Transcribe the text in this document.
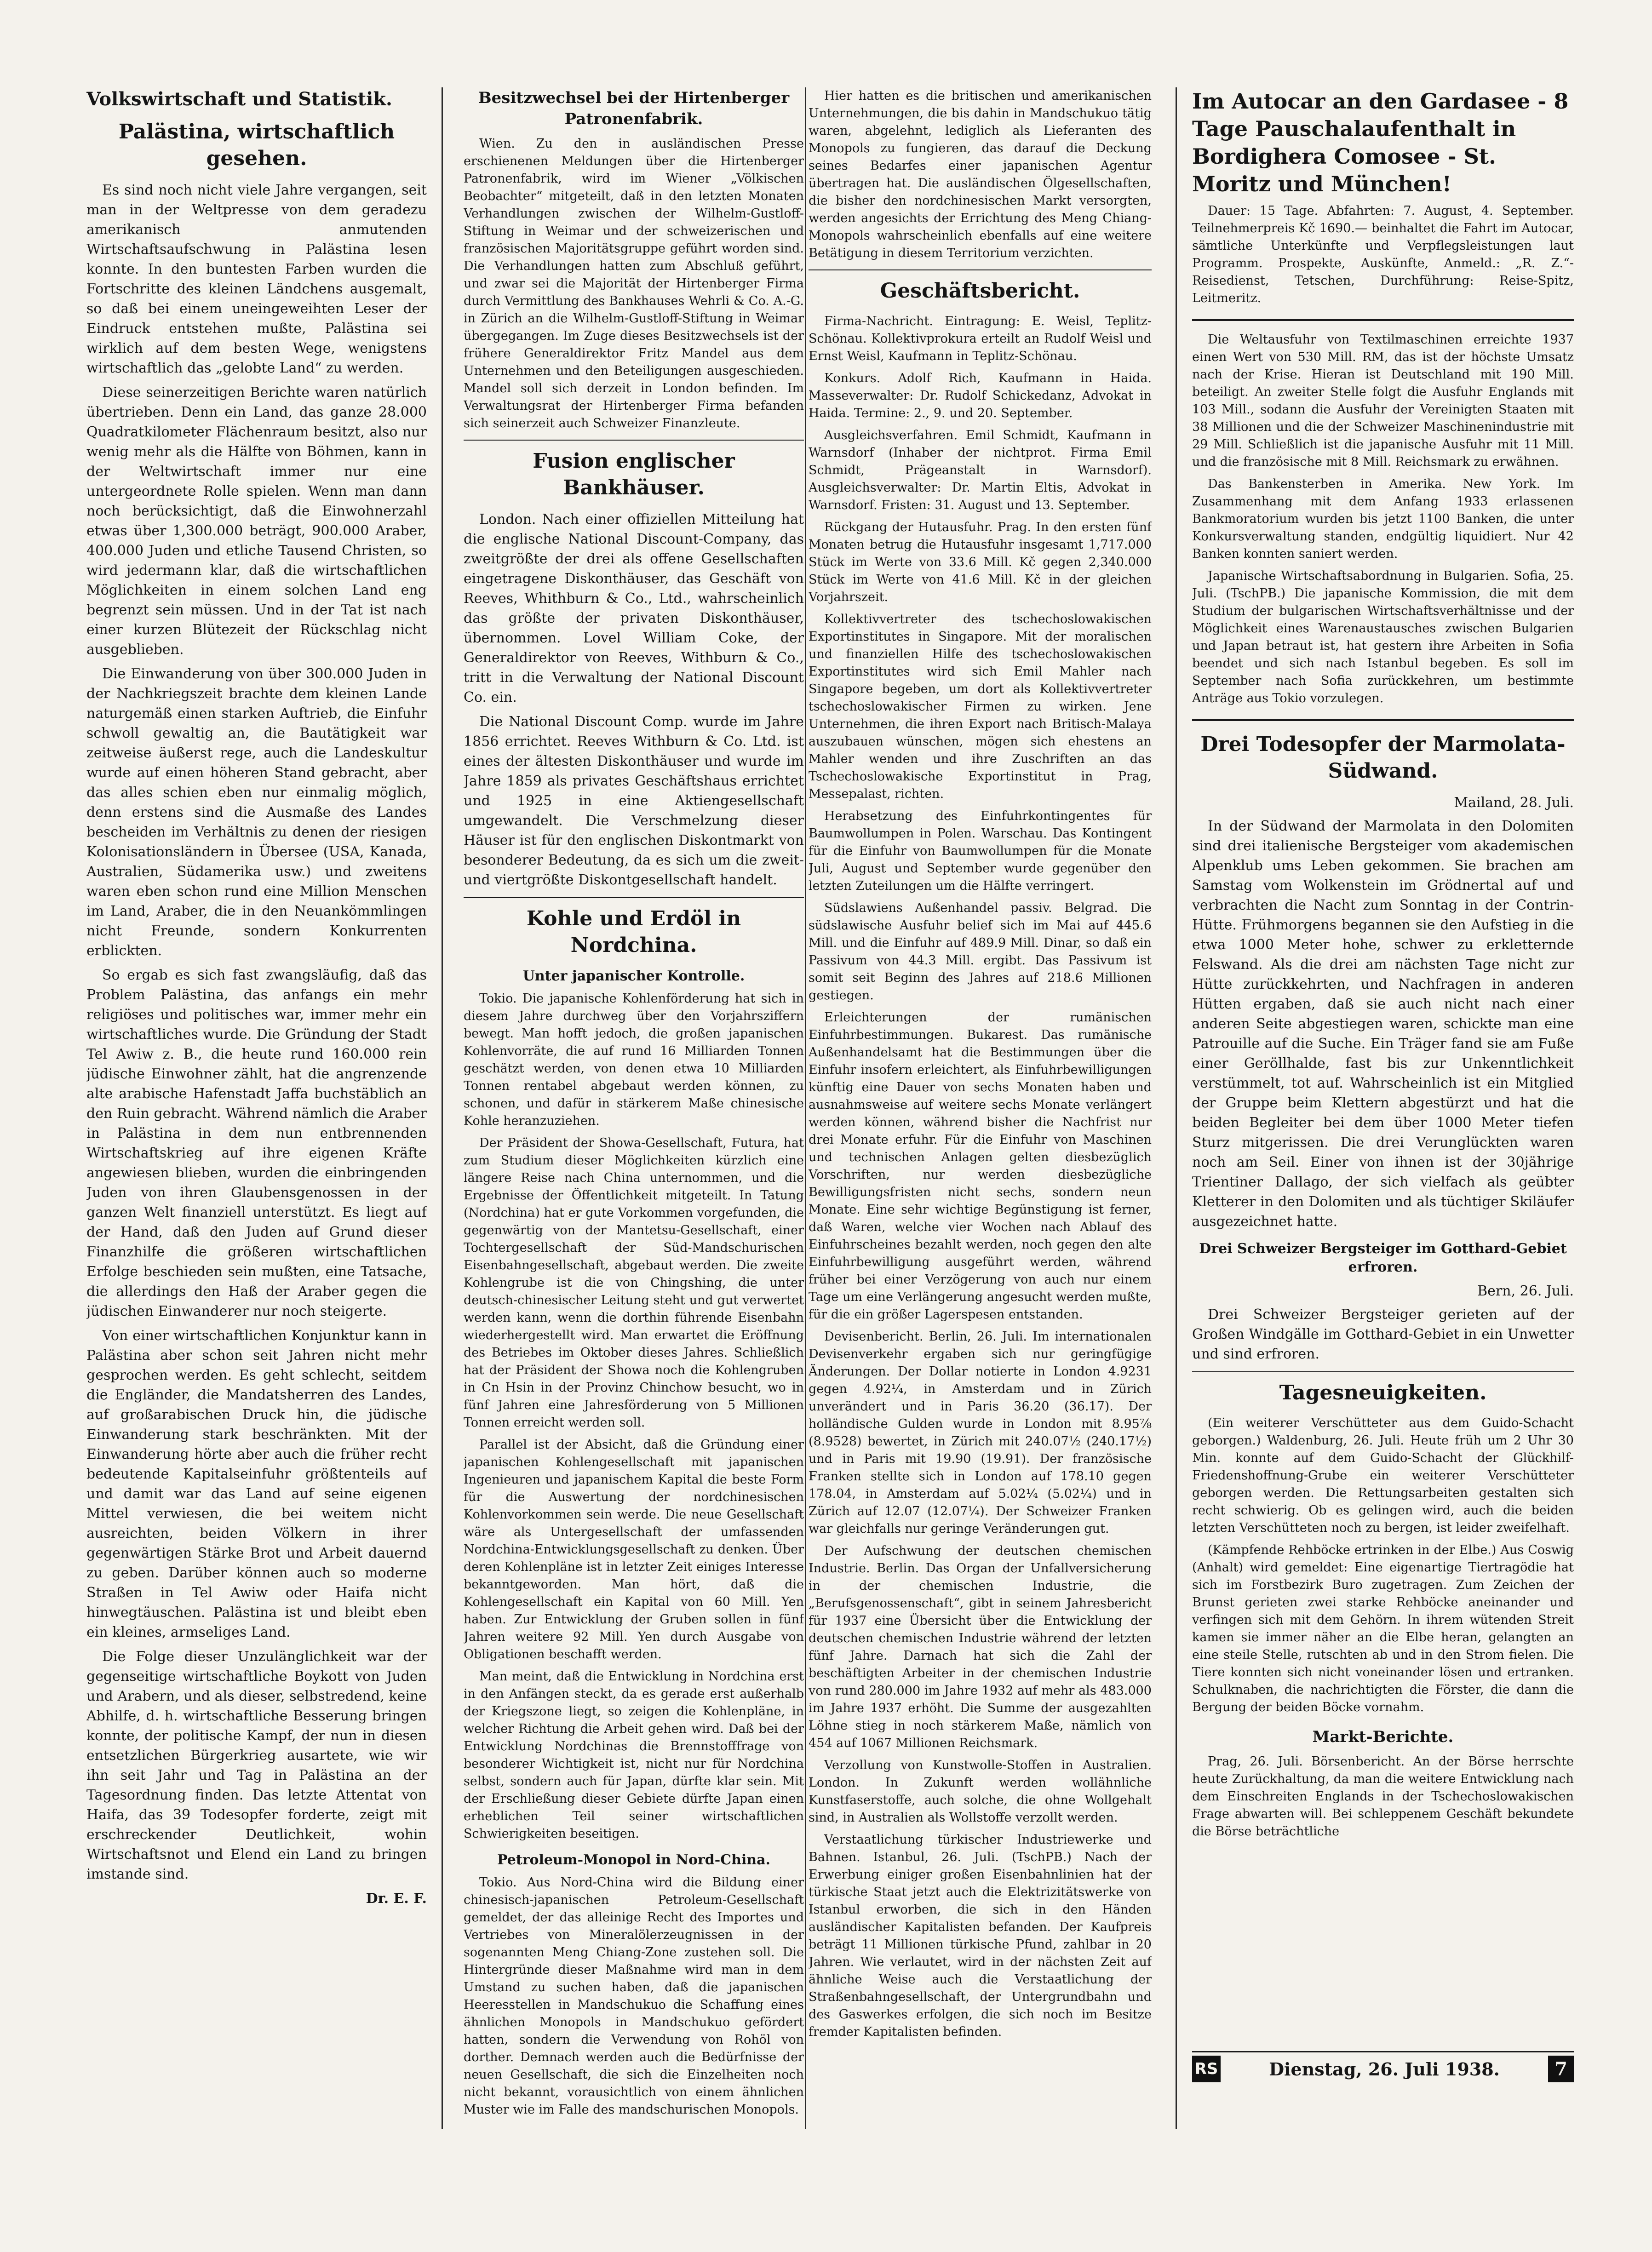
Volkswirtschaft und Statistik.
Palästina, wirtschaftlich gesehen.

Es sind noch nicht viele Jahre vergangen, seit man in der Weltpresse von dem geradezu amerikanisch anmutenden Wirtschaftsaufschwung in Palästina lesen konnte. In den buntesten Farben wurden die Fortschritte des kleinen Ländchens ausgemalt, so daß bei einem uneingeweihten Leser der Eindruck entstehen mußte, Palästina sei wirklich auf dem besten Wege, wenigstens wirtschaftlich das „gelobte Land“ zu werden.

Diese seinerzeitigen Berichte waren natürlich übertrieben. Denn ein Land, das ganze 28.000 Quadratkilometer Flächenraum besitzt, also nur wenig mehr als die Hälfte von Böhmen, kann in der Weltwirtschaft immer nur eine untergeordnete Rolle spielen. Wenn man dann noch berücksichtigt, daß die Einwohnerzahl etwas über 1,300.000 beträgt, 900.000 Araber, 400.000 Juden und etliche Tausend Christen, so wird jedermann klar, daß die wirtschaftlichen Möglichkeiten in einem solchen Land eng begrenzt sein müssen. Und in der Tat ist nach einer kurzen Blütezeit der Rückschlag nicht ausgeblieben.

Die Einwanderung von über 300.000 Juden in der Nachkriegszeit brachte dem kleinen Lande naturgemäß einen starken Auftrieb, die Einfuhr schwoll gewaltig an, die Bautätigkeit war zeitweise äußerst rege, auch die Landeskultur wurde auf einen höheren Stand gebracht, aber das alles schien eben nur einmalig möglich, denn erstens sind die Ausmaße des Landes bescheiden im Verhältnis zu denen der riesigen Kolonisationsländern in Übersee (USA, Kanada, Australien, Südamerika usw.) und zweitens waren eben schon rund eine Million Menschen im Land, Araber, die in den Neuankömmlingen nicht Freunde, sondern Konkurrenten erblickten.

So ergab es sich fast zwangsläufig, daß das Problem Palästina, das anfangs ein mehr religiöses und politisches war, immer mehr ein wirtschaftliches wurde. Die Gründung der Stadt Tel Awiw z. B., die heute rund 160.000 rein jüdische Einwohner zählt, hat die angrenzende alte arabische Hafenstadt Jaffa buchstäblich an den Ruin gebracht. Während nämlich die Araber in Palästina in dem nun entbrennenden Wirtschaftskrieg auf ihre eigenen Kräfte angewiesen blieben, wurden die einbringenden Juden von ihren Glaubensgenossen in der ganzen Welt finanziell unterstützt. Es liegt auf der Hand, daß den Juden auf Grund dieser Finanzhilfe die größeren wirtschaftlichen Erfolge beschieden sein mußten, eine Tatsache, die allerdings den Haß der Araber gegen die jüdischen Einwanderer nur noch steigerte.

Von einer wirtschaftlichen Konjunktur kann in Palästina aber schon seit Jahren nicht mehr gesprochen werden. Es geht schlecht, seitdem die Engländer, die Mandatsherren des Landes, auf großarabischen Druck hin, die jüdische Einwanderung stark beschränkten. Mit der Einwanderung hörte aber auch die früher recht bedeutende Kapitalseinfuhr größtenteils auf und damit war das Land auf seine eigenen Mittel verwiesen, die bei weitem nicht ausreichten, beiden Völkern in ihrer gegenwärtigen Stärke Brot und Arbeit dauernd zu geben. Darüber können auch so moderne Straßen in Tel Awiw oder Haifa nicht hinwegtäuschen. Palästina ist und bleibt eben ein kleines, armseliges Land.

Die Folge dieser Unzulänglichkeit war der gegenseitige wirtschaftliche Boykott von Juden und Arabern, und als dieser, selbstredend, keine Abhilfe, d. h. wirtschaftliche Besserung bringen konnte, der politische Kampf, der nun in diesen entsetzlichen Bürgerkrieg ausartete, wie wir ihn seit Jahr und Tag in Palästina an der Tagesordnung finden. Das letzte Attentat von Haifa, das 39 Todesopfer forderte, zeigt mit erschreckender Deutlichkeit, wohin Wirtschaftsnot und Elend ein Land zu bringen imstande sind.

Dr. E. F.
Besitzwechsel bei der Hirtenberger Patronenfabrik.

Wien. Zu den in ausländischen Presse erschienenen Meldungen über die Hirtenberger Patronenfabrik, wird im Wiener „Völkischen Beobachter“ mitgeteilt, daß in den letzten Monaten Verhandlungen zwischen der Wilhelm-Gustloff-Stiftung in Weimar und der schweizerischen und französischen Majoritätsgruppe geführt worden sind. Die Verhandlungen hatten zum Abschluß geführt, und zwar sei die Majorität der Hirtenberger Firma durch Vermittlung des Bankhauses Wehrli & Co. A.-G. in Zürich an die Wilhelm-Gustloff-Stiftung in Weimar übergegangen. Im Zuge dieses Besitzwechsels ist der frühere Generaldirektor Fritz Mandel aus dem Unternehmen und den Beteiligungen ausgeschieden. Mandel soll sich derzeit in London befinden. Im Verwaltungsrat der Hirtenberger Firma befanden sich seinerzeit auch Schweizer Finanzleute.

Fusion englischer Bankhäuser.

London. Nach einer offiziellen Mitteilung hat die englische National Discount-Company, das zweitgrößte der drei als offene Gesellschaften eingetragene Diskonthäuser, das Geschäft von Reeves, Whithburn & Co., Ltd., wahrscheinlich das größte der privaten Diskonthäuser, übernommen. Lovel William Coke, der Generaldirektor von Reeves, Withburn & Co., tritt in die Verwaltung der National Discount Co. ein.

Die National Discount Comp. wurde im Jahre 1856 errichtet. Reeves Withburn & Co. Ltd. ist eines der ältesten Diskonthäuser und wurde im Jahre 1859 als privates Geschäftshaus errichtet und 1925 in eine Aktiengesellschaft umgewandelt. Die Verschmelzung dieser Häuser ist für den englischen Diskontmarkt von besonderer Bedeutung, da es sich um die zweit- und viertgrößte Diskontgesellschaft handelt.

Kohle und Erdöl in Nordchina.
Unter japanischer Kontrolle.

Tokio. Die japanische Kohlenförderung hat sich in diesem Jahre durchweg über den Vorjahrsziffern bewegt. Man hofft jedoch, die großen japanischen Kohlenvorräte, die auf rund 16 Milliarden Tonnen geschätzt werden, von denen etwa 10 Milliarden Tonnen rentabel abgebaut werden können, zu schonen, und dafür in stärkerem Maße chinesische Kohle heranzuziehen.

Der Präsident der Showa-Gesellschaft, Futura, hat zum Studium dieser Möglichkeiten kürzlich eine längere Reise nach China unternommen, und die Ergebnisse der Öffentlichkeit mitgeteilt. In Tatung (Nordchina) hat er gute Vorkommen vorgefunden, die gegenwärtig von der Mantetsu-Gesellschaft, einer Tochtergesellschaft der Süd-Mandschurischen Eisenbahngesellschaft, abgebaut werden. Die zweite Kohlengrube ist die von Chingshing, die unter deutsch-chinesischer Leitung steht und gut verwertet werden kann, wenn die dorthin führende Eisenbahn wiederhergestellt wird. Man erwartet die Eröffnung des Betriebes im Oktober dieses Jahres. Schließlich hat der Präsident der Showa noch die Kohlengruben in Cn Hsin in der Provinz Chinchow besucht, wo in fünf Jahren eine Jahresförderung von 5 Millionen Tonnen erreicht werden soll.

Parallel ist der Absicht, daß die Gründung einer japanischen Kohlengesellschaft mit japanischen Ingenieuren und japanischem Kapital die beste Form für die Auswertung der nordchinesischen Kohlenvorkommen sein werde. Die neue Gesellschaft wäre als Untergesellschaft der umfassenden Nordchina-Entwicklungsgesellschaft zu denken. Über deren Kohlenpläne ist in letzter Zeit einiges Interesse bekanntgeworden. Man hört, daß die Kohlengesellschaft ein Kapital von 60 Mill. Yen haben. Zur Entwicklung der Gruben sollen in fünf Jahren weitere 92 Mill. Yen durch Ausgabe von Obligationen beschafft werden.

Man meint, daß die Entwicklung in Nordchina erst in den Anfängen steckt, da es gerade erst außerhalb der Kriegszone liegt, so zeigen die Kohlenpläne, in welcher Richtung die Arbeit gehen wird. Daß bei der Entwicklung Nordchinas die Brennstofffrage von besonderer Wichtigkeit ist, nicht nur für Nordchina selbst, sondern auch für Japan, dürfte klar sein. Mit der Erschließung dieser Gebiete dürfte Japan einen erheblichen Teil seiner wirtschaftlichen Schwierigkeiten beseitigen.

Petroleum-Monopol in Nord-China.

Tokio. Aus Nord-China wird die Bildung einer chinesisch-japanischen Petroleum-Gesellschaft gemeldet, der das alleinige Recht des Importes und Vertriebes von Mineralölerzeugnissen in der sogenannten Meng Chiang-Zone zustehen soll. Die Hintergründe dieser Maßnahme wird man in dem Umstand zu suchen haben, daß die japanischen Heeresstellen in Mandschukuo die Schaffung eines ähnlichen Monopols in Mandschukuo gefördert hatten, sondern die Verwendung von Rohöl von dorther. Demnach werden auch die Bedürfnisse der neuen Gesellschaft, die sich die Einzelheiten noch nicht bekannt, vorausichtlich von einem ähnlichen Muster wie im Falle des mandschurischen Monopols.

Hier hatten es die britischen und amerikanischen Unternehmungen, die bis dahin in Mandschukuo tätig waren, abgelehnt, lediglich als Lieferanten des Monopols zu fungieren, das darauf die Deckung seines Bedarfes einer japanischen Agentur übertragen hat. Die ausländischen Ölgesellschaften, die bisher den nordchinesischen Markt versorgten, werden angesichts der Errichtung des Meng Chiang-Monopols wahrscheinlich ebenfalls auf eine weitere Betätigung in diesem Territorium verzichten.

Geschäftsbericht.

Firma-Nachricht. Eintragung: E. Weisl, Teplitz-Schönau. Kollektivprokura erteilt an Rudolf Weisl und Ernst Weisl, Kaufmann in Teplitz-Schönau.

Konkurs. Adolf Rich, Kaufmann in Haida. Masseverwalter: Dr. Rudolf Schickedanz, Advokat in Haida. Termine: 2., 9. und 20. September.

Ausgleichsverfahren. Emil Schmidt, Kaufmann in Warnsdorf (Inhaber der nichtprot. Firma Emil Schmidt, Prägeanstalt in Warnsdorf). Ausgleichsverwalter: Dr. Martin Eltis, Advokat in Warnsdorf. Fristen: 31. August und 13. September.

Rückgang der Hutausfuhr. Prag. In den ersten fünf Monaten betrug die Hutausfuhr insgesamt 1,717.000 Stück im Werte von 33.6 Mill. Kč gegen 2,340.000 Stück im Werte von 41.6 Mill. Kč in der gleichen Vorjahrszeit.

Kollektivvertreter des tschechoslowakischen Exportinstitutes in Singapore. Mit der moralischen und finanziellen Hilfe des tschechoslowakischen Exportinstitutes wird sich Emil Mahler nach Singapore begeben, um dort als Kollektivvertreter tschechoslowakischer Firmen zu wirken. Jene Unternehmen, die ihren Export nach Britisch-Malaya auszubauen wünschen, mögen sich ehestens an Mahler wenden und ihre Zuschriften an das Tschechoslowakische Exportinstitut in Prag, Messepalast, richten.

Herabsetzung des Einfuhrkontingentes für Baumwollumpen in Polen. Warschau. Das Kontingent für die Einfuhr von Baumwollumpen für die Monate Juli, August und September wurde gegenüber den letzten Zuteilungen um die Hälfte verringert.

Südslawiens Außenhandel passiv. Belgrad. Die südslawische Ausfuhr belief sich im Mai auf 445.6 Mill. und die Einfuhr auf 489.9 Mill. Dinar, so daß ein Passivum von 44.3 Mill. ergibt. Das Passivum ist somit seit Beginn des Jahres auf 218.6 Millionen gestiegen.

Erleichterungen der rumänischen Einfuhrbestimmungen. Bukarest. Das rumänische Außenhandelsamt hat die Bestimmungen über die Einfuhr insofern erleichtert, als Einfuhrbewilligungen künftig eine Dauer von sechs Monaten haben und ausnahmsweise auf weitere sechs Monate verlängert werden können, während bisher die Nachfrist nur drei Monate erfuhr. Für die Einfuhr von Maschinen und technischen Anlagen gelten diesbezüglich Vorschriften, nur werden diesbezügliche Bewilligungsfristen nicht sechs, sondern neun Monate. Eine sehr wichtige Begünstigung ist ferner, daß Waren, welche vier Wochen nach Ablauf des Einfuhrscheines bezahlt werden, noch gegen den alte Einfuhrbewilligung ausgeführt werden, während früher bei einer Verzögerung von auch nur einem Tage um eine Verlängerung angesucht werden mußte, für die ein größer Lagerspesen entstanden.

Devisenbericht. Berlin, 26. Juli. Im internationalen Devisenverkehr ergaben sich nur geringfügige Änderungen. Der Dollar notierte in London 4.9231 gegen 4.92¼, in Amsterdam und in Zürich unverändert und in Paris 36.20 (36.17). Der holländische Gulden wurde in London mit 8.95⅞ (8.9528) bewertet, in Zürich mit 240.07½ (240.17½) und in Paris mit 19.90 (19.91). Der französische Franken stellte sich in London auf 178.10 gegen 178.04, in Amsterdam auf 5.02¼ (5.02¼) und in Zürich auf 12.07 (12.07¼). Der Schweizer Franken war gleichfalls nur geringe Veränderungen gut.

Der Aufschwung der deutschen chemischen Industrie. Berlin. Das Organ der Unfallversicherung in der chemischen Industrie, die „Berufsgenossenschaft“, gibt in seinem Jahresbericht für 1937 eine Übersicht über die Entwicklung der deutschen chemischen Industrie während der letzten fünf Jahre. Darnach hat sich die Zahl der beschäftigten Arbeiter in der chemischen Industrie von rund 280.000 im Jahre 1932 auf mehr als 483.000 im Jahre 1937 erhöht. Die Summe der ausgezahlten Löhne stieg in noch stärkerem Maße, nämlich von 454 auf 1067 Millionen Reichsmark.

Verzollung von Kunstwolle-Stoffen in Australien. London. In Zukunft werden wollähnliche Kunstfaserstoffe, auch solche, die ohne Wollgehalt sind, in Australien als Wollstoffe verzollt werden.

Verstaatlichung türkischer Industriewerke und Bahnen. Istanbul, 26. Juli. (TschPB.) Nach der Erwerbung einiger großen Eisenbahnlinien hat der türkische Staat jetzt auch die Elektrizitätswerke von Istanbul erworben, die sich in den Händen ausländischer Kapitalisten befanden. Der Kaufpreis beträgt 11 Millionen türkische Pfund, zahlbar in 20 Jahren. Wie verlautet, wird in der nächsten Zeit auf ähnliche Weise auch die Verstaatlichung der Straßenbahngesellschaft, der Untergrundbahn und des Gaswerkes erfolgen, die sich noch im Besitze fremder Kapitalisten befinden.

Im Autocar an den Gardasee - 8 Tage Pauschalaufenthalt in Bordighera Comosee - St. Moritz und München!

Dauer: 15 Tage. Abfahrten: 7. August, 4. September. Teilnehmerpreis Kč 1690.— beinhaltet die Fahrt im Autocar, sämtliche Unterkünfte und Verpflegsleistungen laut Programm. Prospekte, Auskünfte, Anmeld.: „R. Z.“-Reisedienst, Tetschen, Durchführung: Reise-Spitz, Leitmeritz.

Die Weltausfuhr von Textilmaschinen erreichte 1937 einen Wert von 530 Mill. RM, das ist der höchste Umsatz nach der Krise. Hieran ist Deutschland mit 190 Mill. beteiligt. An zweiter Stelle folgt die Ausfuhr Englands mit 103 Mill., sodann die Ausfuhr der Vereinigten Staaten mit 38 Millionen und die der Schweizer Maschinenindustrie mit 29 Mill. Schließlich ist die japanische Ausfuhr mit 11 Mill. und die französische mit 8 Mill. Reichsmark zu erwähnen.

Das Bankensterben in Amerika. New York. Im Zusammenhang mit dem Anfang 1933 erlassenen Bankmoratorium wurden bis jetzt 1100 Banken, die unter Konkursverwaltung standen, endgültig liquidiert. Nur 42 Banken konnten saniert werden.

Japanische Wirtschaftsabordnung in Bulgarien. Sofia, 25. Juli. (TschPB.) Die japanische Kommission, die mit dem Studium der bulgarischen Wirtschaftsverhältnisse und der Möglichkeit eines Warenaustausches zwischen Bulgarien und Japan betraut ist, hat gestern ihre Arbeiten in Sofia beendet und sich nach Istanbul begeben. Es soll im September nach Sofia zurückkehren, um bestimmte Anträge aus Tokio vorzulegen.

Drei Todesopfer der Marmolata-Südwand.
Mailand, 28. Juli.

In der Südwand der Marmolata in den Dolomiten sind drei italienische Bergsteiger vom akademischen Alpenklub ums Leben gekommen. Sie brachen am Samstag vom Wolkenstein im Grödnertal auf und verbrachten die Nacht zum Sonntag in der Contrin-Hütte. Frühmorgens begannen sie den Aufstieg in die etwa 1000 Meter hohe, schwer zu erkletternde Felswand. Als die drei am nächsten Tage nicht zur Hütte zurückkehrten, und Nachfragen in anderen Hütten ergaben, daß sie auch nicht nach einer anderen Seite abgestiegen waren, schickte man eine Patrouille auf die Suche. Ein Träger fand sie am Fuße einer Geröllhalde, fast bis zur Unkenntlichkeit verstümmelt, tot auf. Wahrscheinlich ist ein Mitglied der Gruppe beim Klettern abgestürzt und hat die beiden Begleiter bei dem über 1000 Meter tiefen Sturz mitgerissen. Die drei Verunglückten waren noch am Seil. Einer von ihnen ist der 30jährige Trientiner Dallago, der sich vielfach als geübter Kletterer in den Dolomiten und als tüchtiger Skiläufer ausgezeichnet hatte.

Drei Schweizer Bergsteiger im Gotthard-Gebiet erfroren.
Bern, 26. Juli.

Drei Schweizer Bergsteiger gerieten auf der Großen Windgälle im Gotthard-Gebiet in ein Unwetter und sind erfroren.

Tagesneuigkeiten.

(Ein weiterer Verschütteter aus dem Guido-Schacht geborgen.) Waldenburg, 26. Juli. Heute früh um 2 Uhr 30 Min. konnte auf dem Guido-Schacht der Glückhilf-Friedenshoffnung-Grube ein weiterer Verschütteter geborgen werden. Die Rettungsarbeiten gestalten sich recht schwierig. Ob es gelingen wird, auch die beiden letzten Verschütteten noch zu bergen, ist leider zweifelhaft.

(Kämpfende Rehböcke ertrinken in der Elbe.) Aus Coswig (Anhalt) wird gemeldet: Eine eigenartige Tiertragödie hat sich im Forstbezirk Buro zugetragen. Zum Zeichen der Brunst gerieten zwei starke Rehböcke aneinander und verfingen sich mit dem Gehörn. In ihrem wütenden Streit kamen sie immer näher an die Elbe heran, gelangten an eine steile Stelle, rutschten ab und in den Strom fielen. Die Tiere konnten sich nicht voneinander lösen und ertranken. Schulknaben, die nachrichtigten die Förster, die dann die Bergung der beiden Böcke vornahm.

Markt-Berichte.

Prag, 26. Juli. Börsenbericht. An der Börse herrschte heute Zurückhaltung, da man die weitere Entwicklung nach dem Einschreiten Englands in der Tschechoslowakischen Frage abwarten will. Bei schleppenem Geschäft bekundete die Börse beträchtliche

RS	Dienstag, 26. Juli 1938.	7
